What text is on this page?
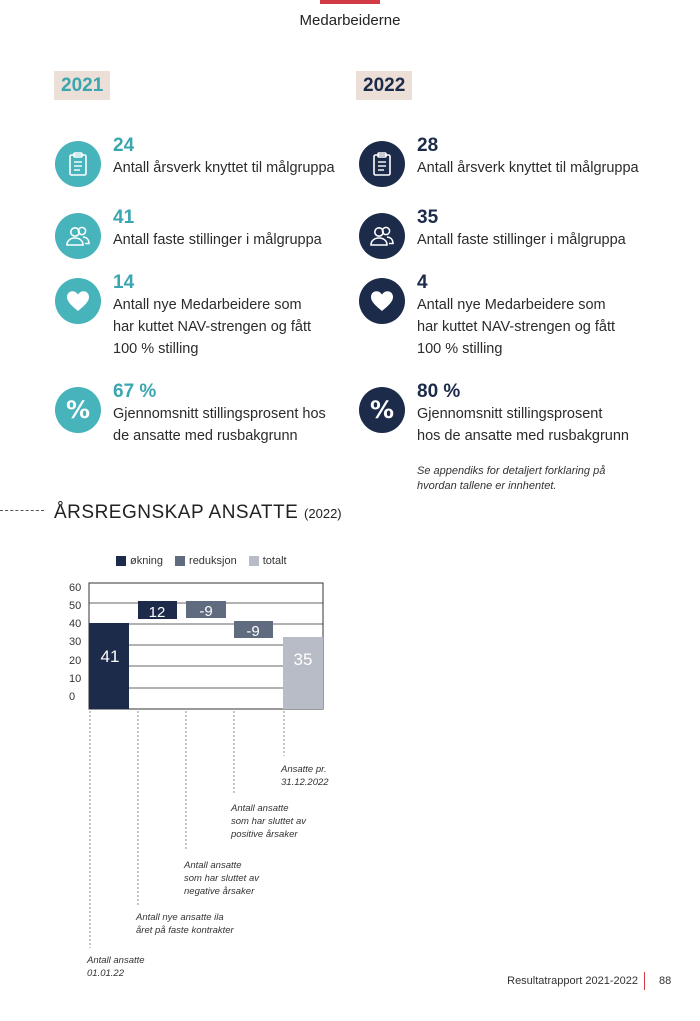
Medarbeiderne
2021	2022
24
Antall årsverk knyttet til målgruppa
41
Antall faste stillinger i målgruppa
14
Antall nye Medarbeidere som
har kuttet NAV-strengen og fått
100 % stilling
%
67 %
Gjennomsnitt stillingsprosent hos
de ansatte med rusbakgrunn
28
Antall årsverk knyttet til målgruppa
35
Antall faste stillinger i målgruppa
4
Antall nye Medarbeidere som
har kuttet NAV-strengen og fått
100 % stilling
%
80 %
Gjennomsnitt stillingsprosent
hos de ansatte med rusbakgrunn
Se appendiks for detaljert forklaring på
hvordan tallene er innhentet.
ÅRSREGNSKAP ANSATTE (2022)
økning reduksjon totalt
60
50
40
30
20
10
0
41
12 -9
-9
35
Antall ansatte
01.01.22
Antall nye ansatte ila
året på faste kontrakter
Antall ansatte
som har sluttet av
negative årsaker
Antall ansatte
som har sluttet av
positive årsaker
Ansatte pr.
31.12.2022
Resultatrapport 2021-2022 88
